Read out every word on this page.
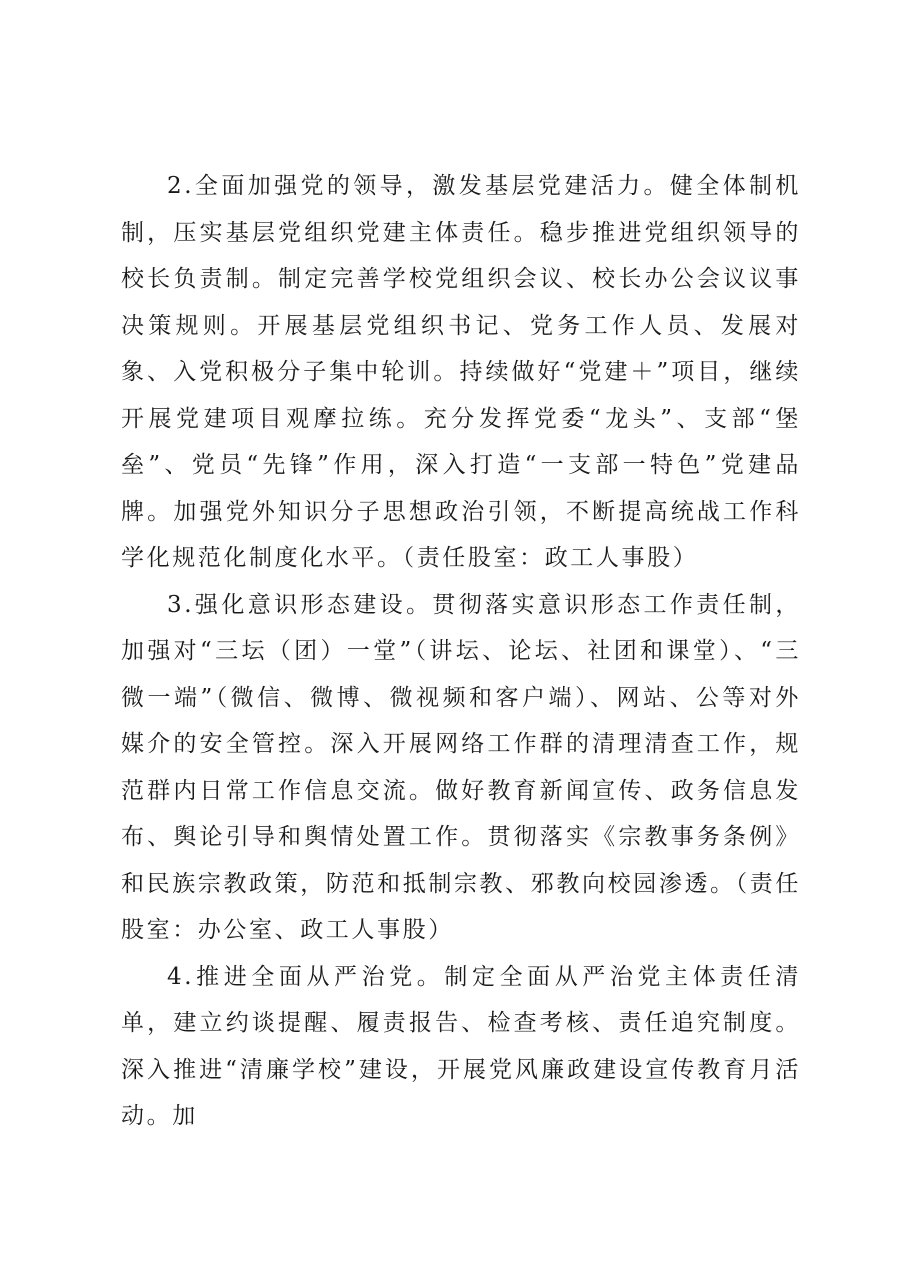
2.全面加强党的领导，激发基层党建活力。健全体制机制，压实基层党组织党建主体责任。稳步推进党组织领导的校长负责制。制定完善学校党组织会议、校长办公会议议事决策规则。开展基层党组织书记、党务工作人员、发展对象、入党积极分子集中轮训。持续做好“党建＋”项目，继续开展党建项目观摩拉练。充分发挥党委“龙头”、支部“堡垒”、党员“先锋”作用，深入打造“一支部一特色”党建品牌。加强党外知识分子思想政治引领，不断提高统战工作科学化规范化制度化水平。（责任股室：政工人事股）

3.强化意识形态建设。贯彻落实意识形态工作责任制，加强对“三坛（团）一堂”（讲坛、论坛、社团和课堂）、“三微一端”（微信、微博、微视频和客户端）、网站、公等对外媒介的安全管控。深入开展网络工作群的清理清查工作，规范群内日常工作信息交流。做好教育新闻宣传、政务信息发布、舆论引导和舆情处置工作。贯彻落实《宗教事务条例》和民族宗教政策，防范和抵制宗教、邪教向校园渗透。（责任股室：办公室、政工人事股）

4.推进全面从严治党。制定全面从严治党主体责任清单，建立约谈提醒、履责报告、检查考核、责任追究制度。深入推进“清廉学校”建设，开展党风廉政建设宣传教育月活动。加
